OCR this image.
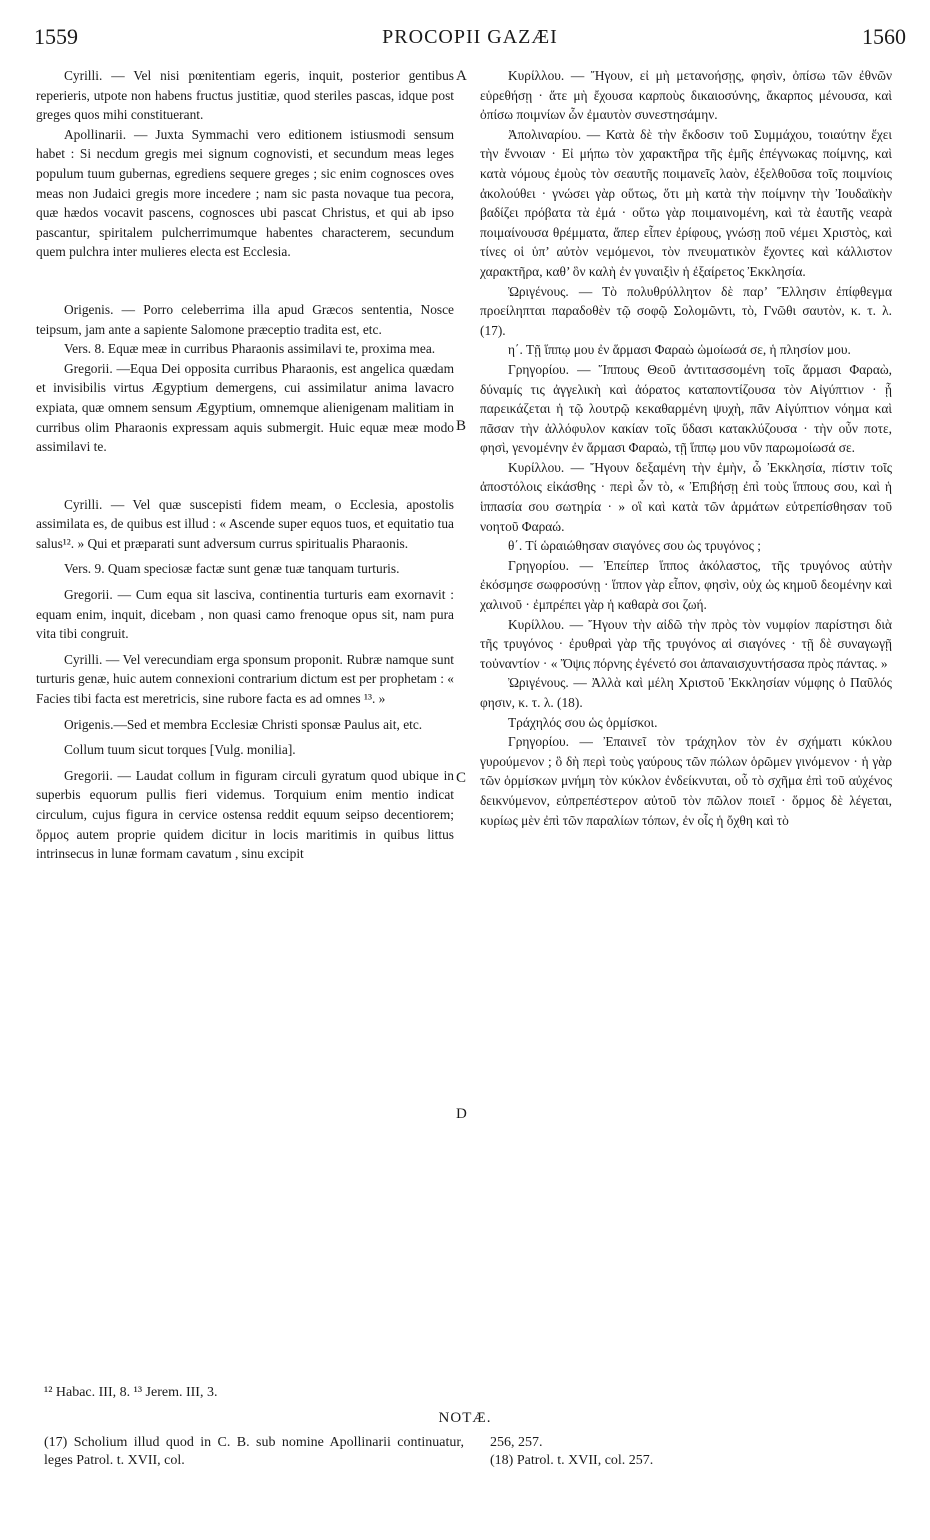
1559	PROCOPII GAZÆI	1560

Cyrilli. — Vel nisi pœnitentiam egeris, inquit, posterior gentibus reperieris, utpote non habens fructus justitiæ, quod steriles pascas, idque post greges quos mihi constituerant.

Apollinarii. — Juxta Symmachi vero editionem istiusmodi sensum habet : Si necdum gregis mei signum cognovisti, et secundum meas leges populum tuum gubernas, egrediens sequere greges ; sic enim cognosces oves meas non Judaici gregis more incedere ; nam sic pasta novaque tua pecora, quæ hædos vocavit pascens, cognosces ubi pascat Christus, et qui ab ipso pascantur, spiritalem pulcherrimumque habentes characterem, secundum quem pulchra inter mulieres electa est Ecclesia.

Origenis. — Porro celeberrima illa apud Græcos sententia, Nosce teipsum, jam ante a sapiente Salomone præceptio tradita est, etc.

Vers. 8. Equæ meæ in curribus Pharaonis assimilavi te, proxima mea.

Gregorii. —Equa Dei opposita curribus Pharaonis, est angelica quædam et invisibilis virtus Ægyptium demergens, cui assimilatur anima lavacro expiata, quæ omnem sensum Ægyptium, omnemque alienigenam malitiam in curribus olim Pharaonis expressam aquis submergit. Huic equæ meæ modo assimilavi te.

Cyrilli. — Vel quæ suscepisti fidem meam, o Ecclesia, apostolis assimilata es, de quibus est illud : « Ascende super equos tuos, et equitatio tua salus¹². » Qui et præparati sunt adversum currus spiritualis Pharaonis.

Vers. 9. Quam speciosæ factæ sunt genæ tuæ tanquam turturis.

Gregorii. — Cum equa sit lasciva, continentia turturis eam exornavit : equam enim, inquit, dicebam , non quasi camo frenoque opus sit, nam pura vita tibi congruit.

Cyrilli. — Vel verecundiam erga sponsum proponit. Rubræ namque sunt turturis genæ, huic autem connexioni contrarium dictum est per prophetam : « Facies tibi facta est meretricis, sine rubore facta es ad omnes ¹³. »

Origenis.—Sed et membra Ecclesiæ Christi sponsæ Paulus ait, etc.

Collum tuum sicut torques [Vulg. monilia].

Gregorii. — Laudat collum in figuram circuli gyratum quod ubique in superbis equorum pullis fieri videmus. Torquium enim mentio indicat circulum, cujus figura in cervice ostensa reddit equum seipso decentiorem; ὅρμος autem proprie quidem dicitur in locis maritimis in quibus littus intrinsecus in lunæ formam cavatum , sinu excipit

Κυρίλλου. — Ἤγουν, εἰ μὴ μετανοήσῃς, φησὶν, ὀπίσω τῶν ἐθνῶν εὑρεθήσῃ · ἅτε μὴ ἔχουσα καρποὺς δικαιοσύνης, ἄκαρπος μένουσα, καὶ ὀπίσω ποιμνίων ὧν ἐμαυτὸν συνεστησάμην.

Ἀπολιναρίου. — Κατὰ δὲ τὴν ἔκδοσιν τοῦ Συμμάχου, τοιαύτην ἔχει τὴν ἔννοιαν · Εἰ μήπω τὸν χαρακτῆρα τῆς ἐμῆς ἐπέγνωκας ποίμνης, καὶ κατὰ νόμους ἐμοὺς τὸν σεαυτῆς ποιμανεῖς λαὸν, ἐξελθοῦσα τοῖς ποιμνίοις ἀκολούθει · γνώσει γὰρ οὕτως, ὅτι μὴ κατὰ τὴν ποίμνην τὴν Ἰουδαϊκὴν βαδίζει πρόβατα τὰ ἐμά · οὕτω γὰρ ποιμαινομένη, καὶ τὰ ἑαυτῆς νεαρὰ ποιμαίνουσα θρέμματα, ἅπερ εἶπεν ἐρίφους, γνώσῃ ποῦ νέμει Χριστὸς, καὶ τίνες οἱ ὑπ’ αὐτὸν νεμόμενοι, τὸν πνευματικὸν ἔχοντες καὶ κάλλιστον χαρακτῆρα, καθ’ ὃν καλὴ ἐν γυναιξὶν ἡ ἐξαίρετος Ἐκκλησία.

Ὠριγένους. — Τὸ πολυθρύλλητον δὲ παρ’ Ἕλλησιν ἐπίφθεγμα προείληπται παραδοθὲν τῷ σοφῷ Σολομῶντι, τὸ, Γνῶθι σαυτὸν, κ. τ. λ. (17).

η΄. Τῇ ἵππῳ μου ἐν ἅρμασι Φαραὼ ὡμοίωσά σε, ἡ πλησίον μου.

Γρηγορίου. — Ἵππους Θεοῦ ἀντιτασσομένη τοῖς ἅρμασι Φαραὼ, δύναμίς τις ἀγγελικὴ καὶ ἀόρατος καταποντίζουσα τὸν Αἰγύπτιον · ᾗ παρεικάζεται ἡ τῷ λουτρῷ κεκαθαρμένη ψυχὴ, πᾶν Αἰγύπτιον νόημα καὶ πᾶσαν τὴν ἀλλόφυλον κακίαν τοῖς ὕδασι κατακλύζουσα · τὴν οὖν ποτε, φησὶ, γενομένην ἐν ἅρμασι Φαραὼ, τῇ ἵππῳ μου νῦν παρωμοίωσά σε.

Κυρίλλου. — Ἤγουν δεξαμένη τὴν ἐμὴν, ὦ Ἐκκλησία, πίστιν τοῖς ἀποστόλοις εἰκάσθης · περὶ ὧν τὸ, « Ἐπιβήσῃ ἐπὶ τοὺς ἵππους σου, καὶ ἡ ἱππασία σου σωτηρία · » οἳ καὶ κατὰ τῶν ἁρμάτων εὐτρεπίσθησαν τοῦ νοητοῦ Φαραώ.

θ΄. Τί ὡραιώθησαν σιαγόνες σου ὡς τρυγόνος ;

Γρηγορίου. — Ἐπείπερ ἵππος ἀκόλαστος, τῆς τρυγόνος αὐτὴν ἐκόσμησε σωφροσύνῃ · ἵππον γὰρ εἶπον, φησὶν, οὐχ ὡς κημοῦ δεομένην καὶ χαλινοῦ · ἐμπρέπει γὰρ ἡ καθαρὰ σοι ζωή.

Κυρίλλου. — Ἤγουν τὴν αἰδῶ τὴν πρὸς τὸν νυμφίον παρίστησι διὰ τῆς τρυγόνος · ἐρυθραὶ γὰρ τῆς τρυγόνος αἱ σιαγόνες · τῇ δὲ συναγωγῇ τοὐναντίον · « Ὄψις πόρνης ἐγένετό σοι ἀπαναισχυντήσασα πρὸς πάντας. »

Ὠριγένους. — Ἀλλὰ καὶ μέλη Χριστοῦ Ἐκκλησίαν νύμφης ὁ Παῦλός φησιν, κ. τ. λ. (18).

Τράχηλός σου ὡς ὁρμίσκοι.

Γρηγορίου. — Ἐπαινεῖ τὸν τράχηλον τὸν ἐν σχήματι κύκλου γυρούμενον ; ὃ δὴ περὶ τοὺς γαύρους τῶν πώλων ὁρῶμεν γινόμενον · ἡ γὰρ τῶν ὁρμίσκων μνήμη τὸν κύκλον ἐνδείκνυται, οὗ τὸ σχῆμα ἐπὶ τοῦ αὐχένος δεικνύμενον, εὐπρεπέστερον αὐτοῦ τὸν πῶλον ποιεῖ · ὅρμος δὲ λέγεται, κυρίως μὲν ἐπὶ τῶν παραλίων τόπων, ἐν οἷς ἡ ὄχθη καὶ τὸ

A
B
C
D
¹² Habac. III, 8. ¹³ Jerem. III, 3.
NOTÆ.
(17) Scholium illud quod in C. B. sub nomine Apollinarii continuatur, leges Patrol. t. XVII, col.
256, 257.
(18) Patrol. t. XVII, col. 257.
